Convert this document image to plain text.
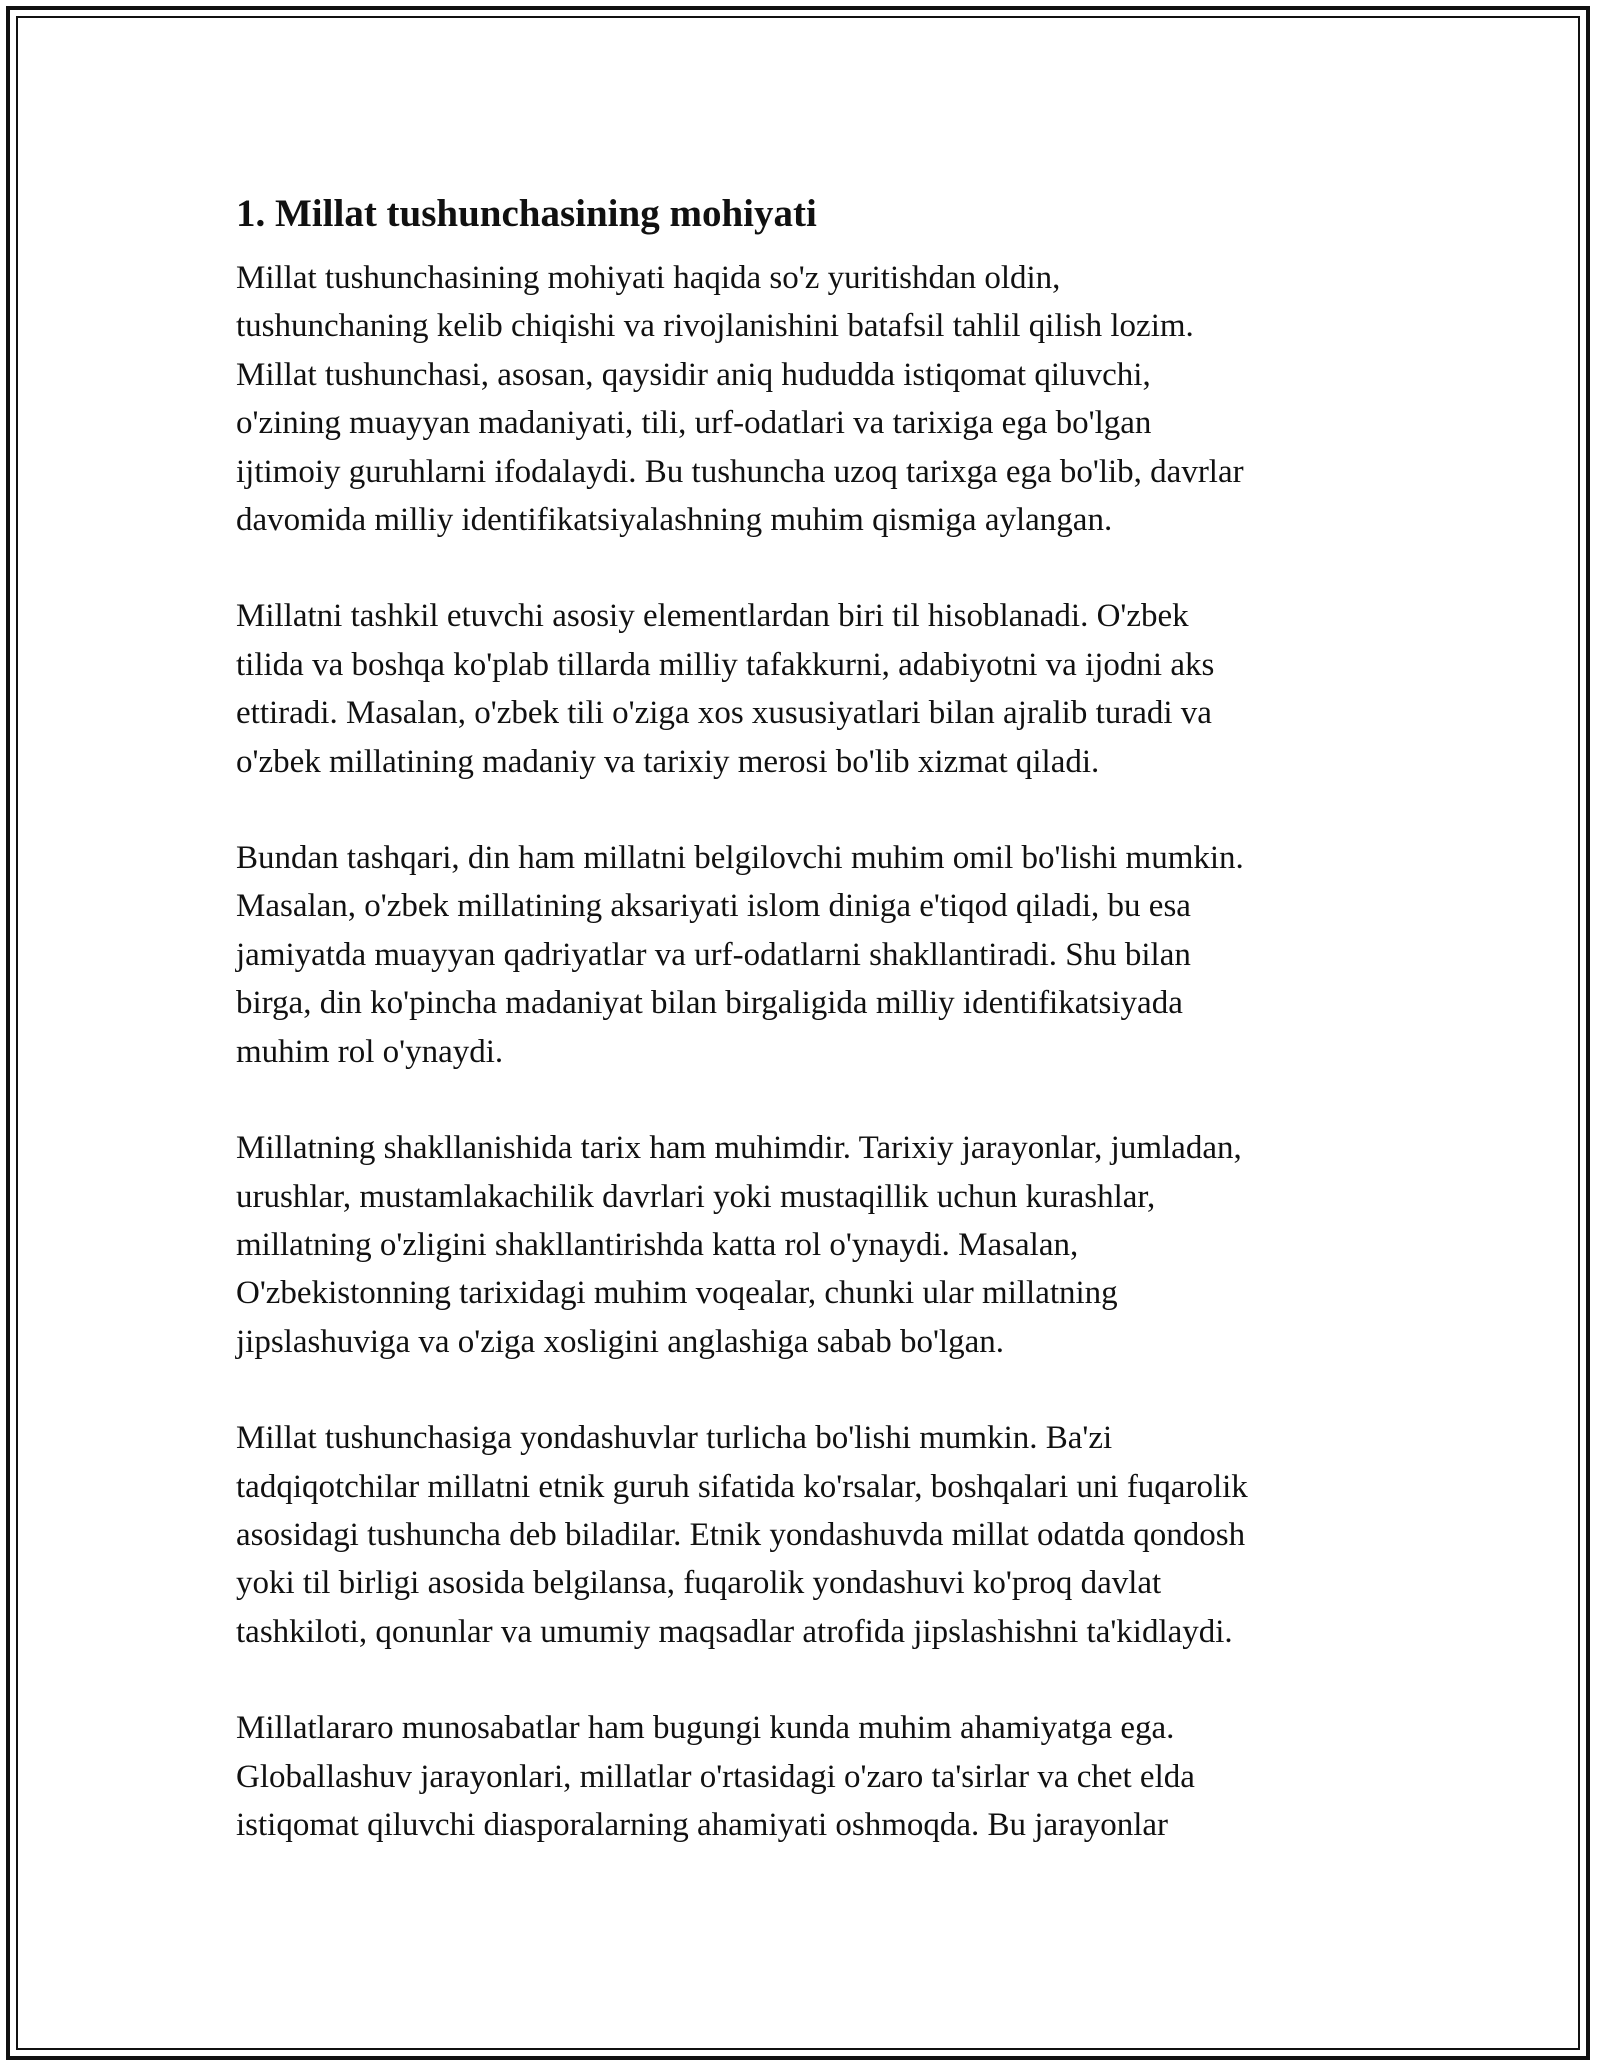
1. Millat tushunchasining mohiyati

Millat tushunchasining mohiyati haqida so'z yuritishdan oldin,
tushunchaning kelib chiqishi va rivojlanishini batafsil tahlil qilish lozim.
Millat tushunchasi, asosan, qaysidir aniq hududda istiqomat qiluvchi,
o'zining muayyan madaniyati, tili, urf-odatlari va tarixiga ega bo'lgan
ijtimoiy guruhlarni ifodalaydi. Bu tushuncha uzoq tarixga ega bo'lib, davrlar
davomida milliy identifikatsiyalashning muhim qismiga aylangan.

Millatni tashkil etuvchi asosiy elementlardan biri til hisoblanadi. O'zbek
tilida va boshqa ko'plab tillarda milliy tafakkurni, adabiyotni va ijodni aks
ettiradi. Masalan, o'zbek tili o'ziga xos xususiyatlari bilan ajralib turadi va
o'zbek millatining madaniy va tarixiy merosi bo'lib xizmat qiladi.

Bundan tashqari, din ham millatni belgilovchi muhim omil bo'lishi mumkin.
Masalan, o'zbek millatining aksariyati islom diniga e'tiqod qiladi, bu esa
jamiyatda muayyan qadriyatlar va urf-odatlarni shakllantiradi. Shu bilan
birga, din ko'pincha madaniyat bilan birgaligida milliy identifikatsiyada
muhim rol o'ynaydi.

Millatning shakllanishida tarix ham muhimdir. Tarixiy jarayonlar, jumladan,
urushlar, mustamlakachilik davrlari yoki mustaqillik uchun kurashlar,
millatning o'zligini shakllantirishda katta rol o'ynaydi. Masalan,
O'zbekistonning tarixidagi muhim voqealar, chunki ular millatning
jipslashuviga va o'ziga xosligini anglashiga sabab bo'lgan.

Millat tushunchasiga yondashuvlar turlicha bo'lishi mumkin. Ba'zi
tadqiqotchilar millatni etnik guruh sifatida ko'rsalar, boshqalari uni fuqarolik
asosidagi tushuncha deb biladilar. Etnik yondashuvda millat odatda qondosh
yoki til birligi asosida belgilansa, fuqarolik yondashuvi ko'proq davlat
tashkiloti, qonunlar va umumiy maqsadlar atrofida jipslashishni ta'kidlaydi.

Millatlararo munosabatlar ham bugungi kunda muhim ahamiyatga ega.
Globallashuv jarayonlari, millatlar o'rtasidagi o'zaro ta'sirlar va chet elda
istiqomat qiluvchi diasporalarning ahamiyati oshmoqda. Bu jarayonlar
